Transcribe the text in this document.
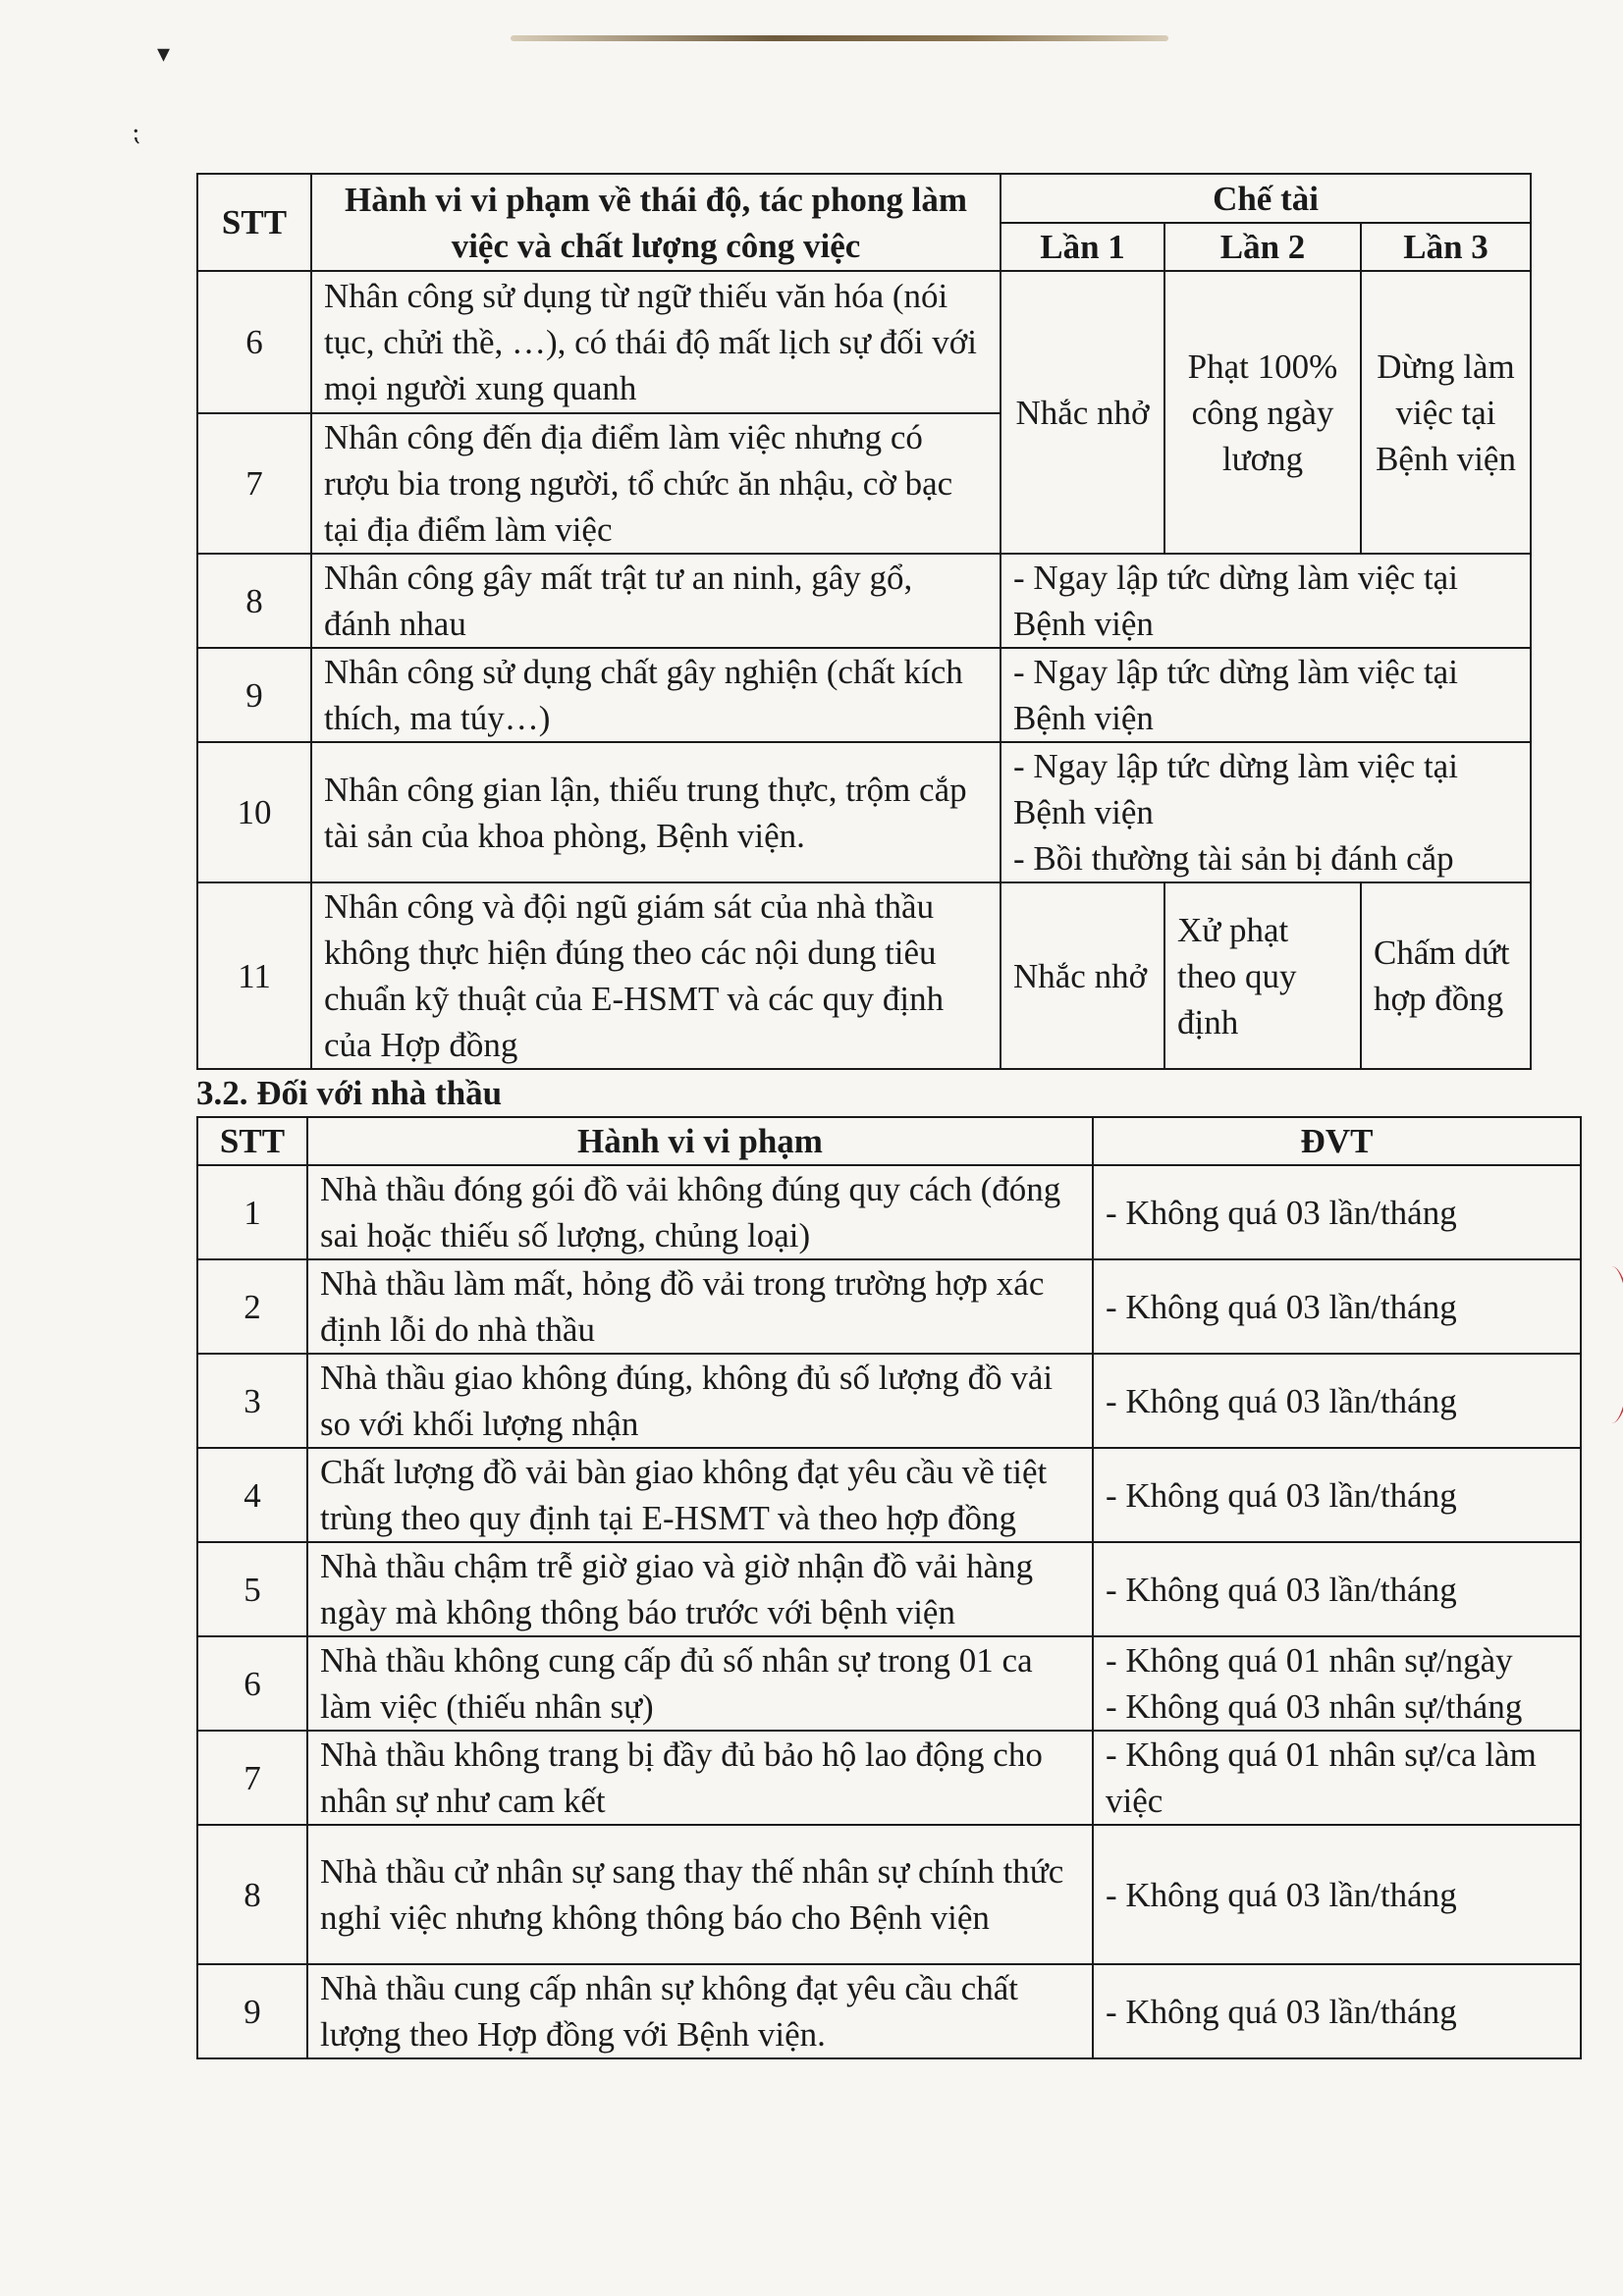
▾
⁏
STT	Hành vi vi phạm về thái độ, tác phong làm việc và chất lượng công việc	Chế tài		
		Lần 1	Lần 2	Lần 3
6	Nhân công sử dụng từ ngữ thiếu văn hóa (nói tục, chửi thề, …), có thái độ mất lịch sự đối với mọi người xung quanh	Nhắc nhở	Phạt 100% công ngày lương	Dừng làm việc tại Bệnh viện
7	Nhân công đến địa điểm làm việc nhưng có rượu bia trong người, tổ chức ăn nhậu, cờ bạc tại địa điểm làm việc			
8	Nhân công gây mất trật tư an ninh, gây gổ, đánh nhau	- Ngay lập tức dừng làm việc tại Bệnh viện		
9	Nhân công sử dụng chất gây nghiện (chất kích thích, ma túy…)	- Ngay lập tức dừng làm việc tại Bệnh viện		
10	Nhân công gian lận, thiếu trung thực, trộm cắp tài sản của khoa phòng, Bệnh viện.	- Ngay lập tức dừng làm việc tại Bệnh viện
- Bồi thường tài sản bị đánh cắp		

11	Nhân công và đội ngũ giám sát của nhà thầu không thực hiện đúng theo các nội dung tiêu chuẩn kỹ thuật của E-HSMT và các quy định của Hợp đồng	Nhắc nhở	Xử phạt theo quy định	Chấm dứt hợp đồng
3.2. Đối với nhà thầu
STT	Hành vi vi phạm	ĐVT
1	Nhà thầu đóng gói đồ vải không đúng quy cách (đóng sai hoặc thiếu số lượng, chủng loại)	- Không quá 03 lần/tháng
2	Nhà thầu làm mất, hỏng đồ vải trong trường hợp xác định lỗi do nhà thầu	- Không quá 03 lần/tháng
3	Nhà thầu giao không đúng, không đủ số lượng đồ vải so với khối lượng nhận	- Không quá 03 lần/tháng
4	Chất lượng đồ vải bàn giao không đạt yêu cầu về tiệt trùng theo quy định tại E-HSMT và theo hợp đồng	- Không quá 03 lần/tháng
5	Nhà thầu chậm trễ giờ giao và giờ nhận đồ vải hàng ngày mà không thông báo trước với bệnh viện	- Không quá 03 lần/tháng
6	Nhà thầu không cung cấp đủ số nhân sự trong 01 ca làm việc (thiếu nhân sự)	- Không quá 01 nhân sự/ngày
- Không quá 03 nhân sự/tháng

7	Nhà thầu không trang bị đầy đủ bảo hộ lao động cho nhân sự như cam kết	- Không quá 01 nhân sự/ca làm việc
8	Nhà thầu cử nhân sự sang thay thế nhân sự chính thức nghỉ việc nhưng không thông báo cho Bệnh viện	- Không quá 03 lần/tháng
9	Nhà thầu cung cấp nhân sự không đạt yêu cầu chất lượng theo Hợp đồng với Bệnh viện.	- Không quá 03 lần/tháng
